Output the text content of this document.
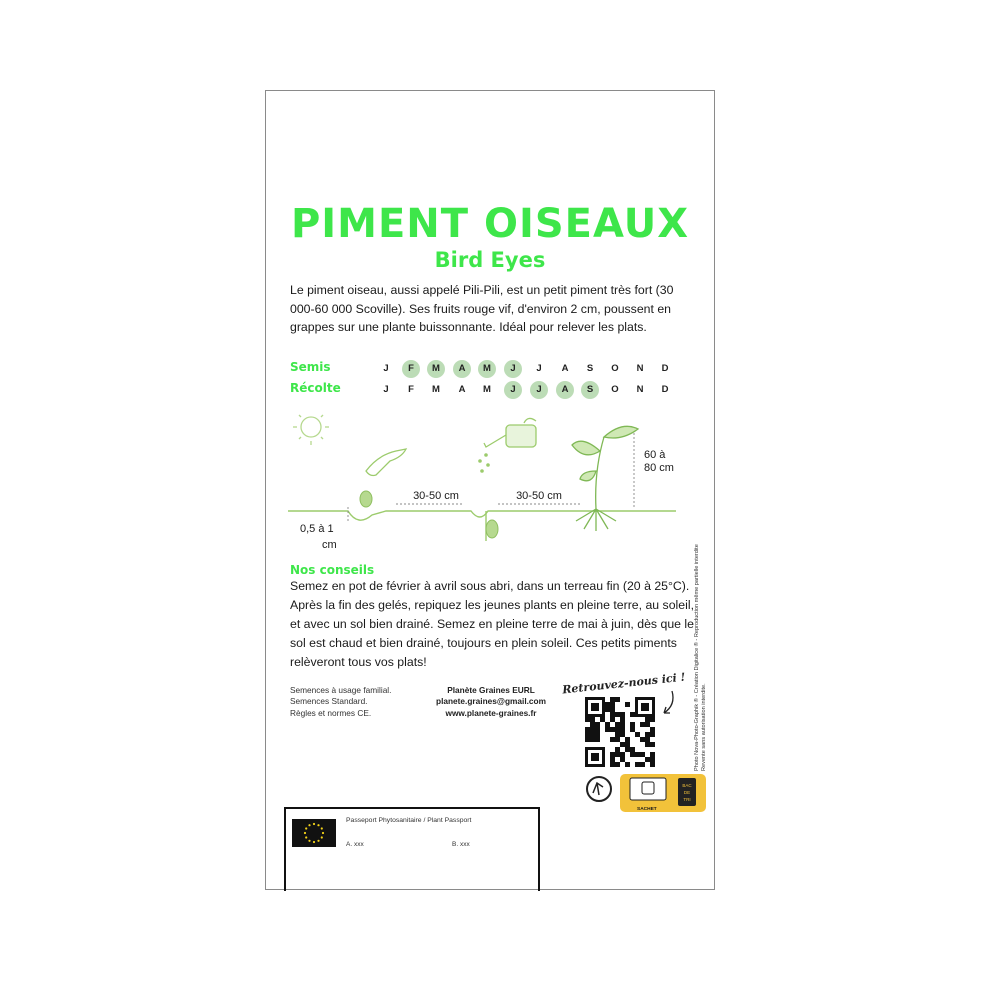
PIMENT OISEAUX
Bird Eyes
Le piment oiseau, aussi appelé Pili-Pili, est un petit piment très fort (30 000-60 000 Scoville). Ses fruits rouge vif, d'environ 2 cm, poussent en grappes sur une plante buissonnante. Idéal pour relever les plats.
Semis	J	F	M	A	M	J	J	A	S	O	N	D
Récolte	J	F	M	A	M	J	J	A	S	O	N	D
30-50 cm	30-50 cm
60 à
80 cm
0,5 à 1
cm
Nos conseils
Semez en pot de février à avril sous abri, dans un terreau fin (20 à 25°C). Après la fin des gelés, repiquez les jeunes plants en pleine terre, au soleil, et avec un sol bien drainé. Semez en pleine terre de mai à juin, dès que le sol est chaud et bien drainé, toujours en plein soleil. Ces petits piments relèveront tous vos plats!
Semences à usage familial.
Semences Standard.
Règles et normes CE.
Planète Graines EURL
planete.graines@gmail.com
www.planete-graines.fr
Retrouvez-nous ici !
BAC
DE
TRI
SACHET
Photo Nova-Photo-Graphik ® - Création Digitalice ® - Reproduction même partielle interdite Revente sans autorisation interdite.
Passeport Phytosanitaire / Plant Passport
A. xxx	B. xxx
